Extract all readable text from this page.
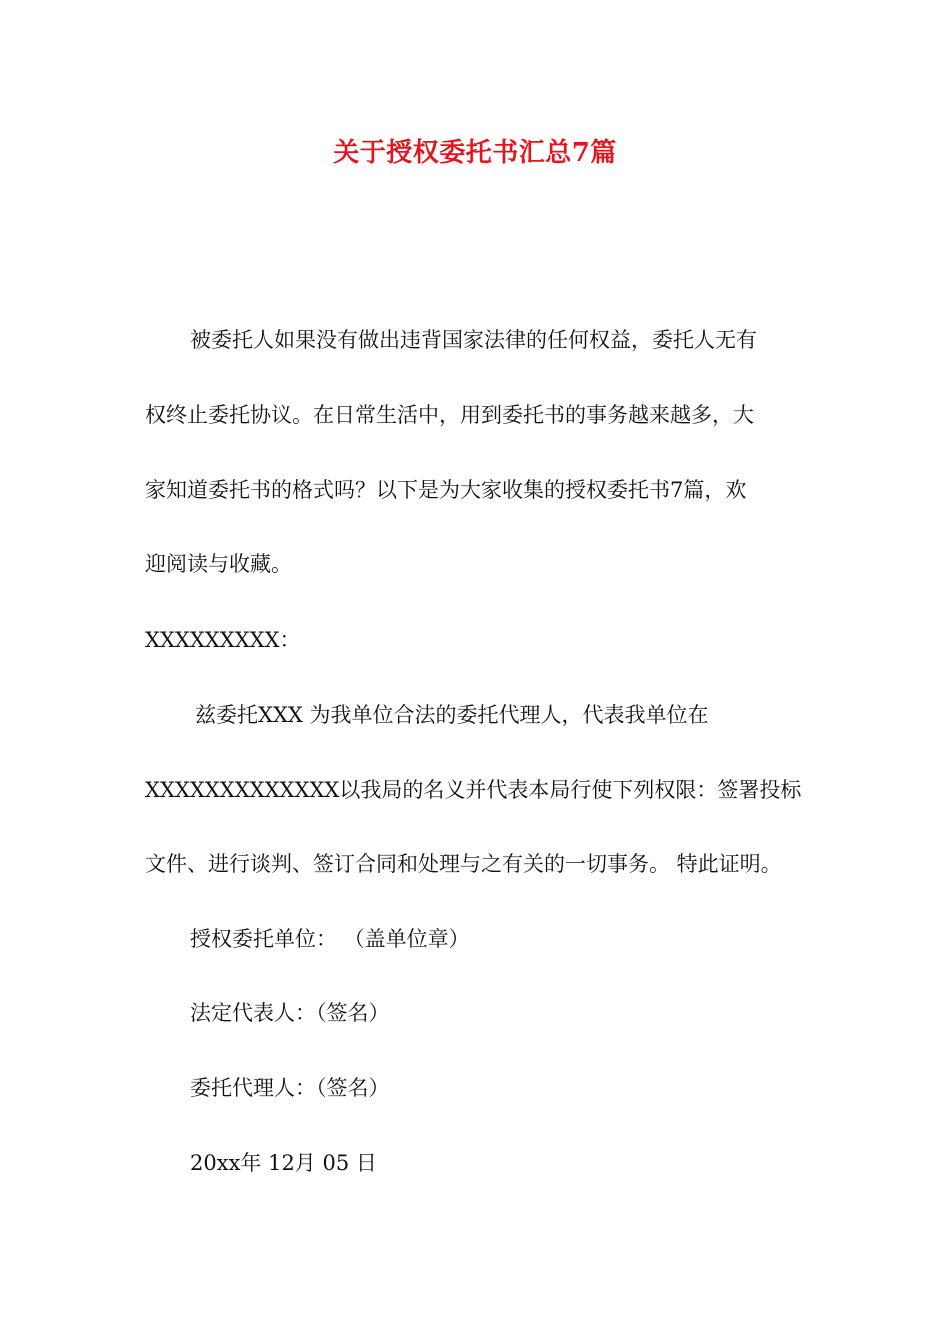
关于授权委托书汇总7篇
被委托人如果没有做出违背国家法律的任何权益，委托人无有
权终止委托协议。在日常生活中，用到委托书的事务越来越多，大
家知道委托书的格式吗？以下是为大家收集的授权委托书7篇，欢
迎阅读与收藏。
XXXXXXXXX：
兹委托XXX 为我单位合法的委托代理人，代表我单位在
XXXXXXXXXXXXX以我局的名义并代表本局行使下列权限：签署投标
文件、进行谈判、签订合同和处理与之有关的一切事务。 特此证明。
授权委托单位： （盖单位章）
法定代表人：（签名）
委托代理人：（签名）
20xx年 12月 05 日
